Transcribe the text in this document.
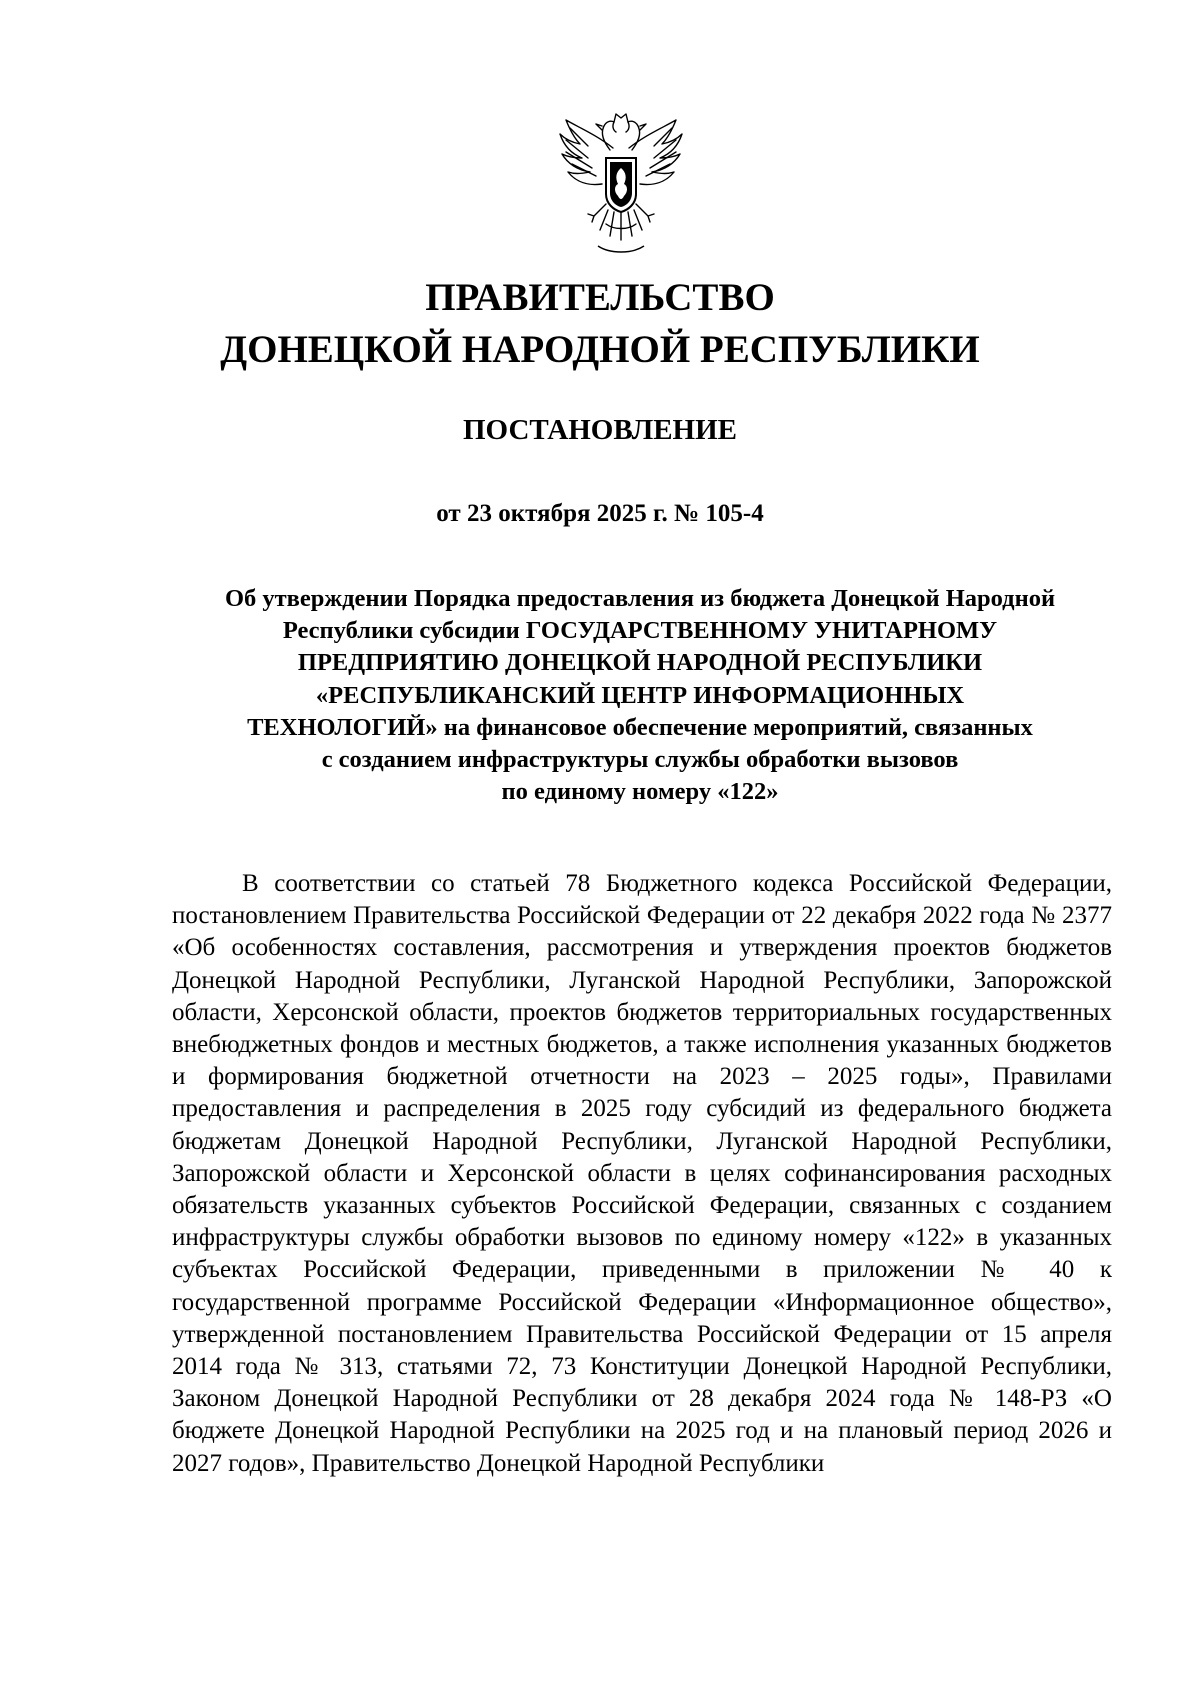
ПРАВИТЕЛЬСТВО
ДОНЕЦКОЙ НАРОДНОЙ РЕСПУБЛИКИ
ПОСТАНОВЛЕНИЕ
от 23 октября 2025 г. № 105-4
Об утверждении Порядка предоставления из бюджета Донецкой Народной
Республики субсидии ГОСУДАРСТВЕННОМУ УНИТАРНОМУ
ПРЕДПРИЯТИЮ ДОНЕЦКОЙ НАРОДНОЙ РЕСПУБЛИКИ
«РЕСПУБЛИКАНСКИЙ ЦЕНТР ИНФОРМАЦИОННЫХ
ТЕХНОЛОГИЙ» на финансовое обеспечение мероприятий, связанных
с созданием инфраструктуры службы обработки вызовов
по единому номеру «122»

В соответствии со статьей 78 Бюджетного кодекса Российской Федерации, постановлением Правительства Российской Федерации от 22 декабря 2022 года № 2377 «Об особенностях составления, рассмотрения и утверждения проектов бюджетов Донецкой Народной Республики, Луганской Народной Республики, Запорожской области, Херсонской области, проектов бюджетов территориальных государственных внебюджетных фондов и местных бюджетов, а также исполнения указанных бюджетов и формирования бюджетной отчетности на 2023 – 2025 годы», Правилами предоставления и распределения в 2025 году субсидий из федерального бюджета бюджетам Донецкой Народной Республики, Луганской Народной Республики, Запорожской области и Херсонской области в целях софинансирования расходных обязательств указанных субъектов Российской Федерации, связанных с созданием инфраструктуры службы обработки вызовов по единому номеру «122» в указанных субъектах Российской Федерации, приведенными в приложении № 40 к государственной программе Российской Федерации «Информационное общество», утвержденной постановлением Правительства Российской Федерации от 15 апреля 2014 года № 313, статьями 72, 73 Конституции Донецкой Народной Республики, Законом Донецкой Народной Республики от 28 декабря 2024 года № 148-РЗ «О бюджете Донецкой Народной Республики на 2025 год и на плановый период 2026 и 2027 годов», Правительство Донецкой Народной Республики
